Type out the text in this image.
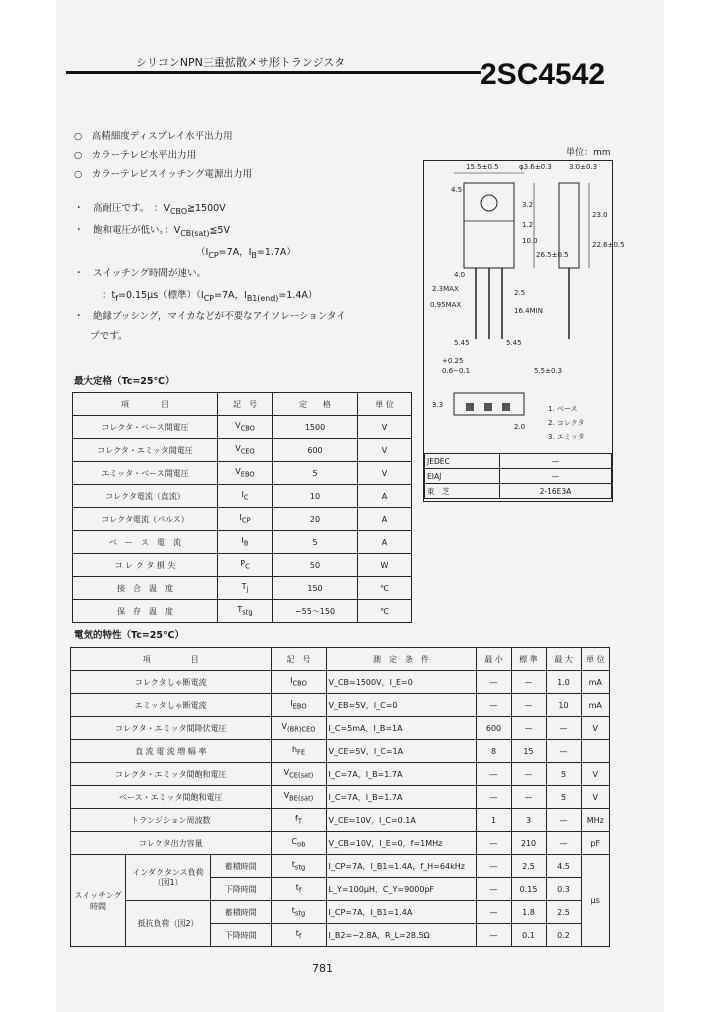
シリコンNPN三重拡散メサ形トランジスタ	2SC4542
○　高精細度ディスプレイ水平出力用
○　カラーテレビ水平出力用
○　カラーテレビスイッチング電源出力用
・　高耐圧です。　：$V_{CBO}≧1500V$
・　飽和電圧が低い。：$V_{CB(sat)}≦5V$
（$I_{CP}=7A$，$I_B=1.7A$）
・　スイッチング時間が速い。
：$t_f=0.15\mu s$（標準）（$I_{CP}=7A$，$I_{B1(end)}=1.4A$）
・　絶縁ブッシング，マイカなどが不要なアイソレーションタイ
プです。
単位：mm
15.5±0.5	φ3.6±0.3 3.0±0.3
4.5
3.2
1.2
10.0
26.5±0.5
23.0
22.6±0.5
4.0
2.3MAX
0.95MAX
2.5
16.4MIN
5.45	5.45
+0.25
0.6−0.1	5.5±0.3
3.3
2.0
1. ベース
2. コレクタ
3. エミッタ
JEDEC	—
EIAJ	—
東　芝	2-16E3A
最大定格（Tc=25℃）
項　　　　目	記　号	定　　格	単 位
コレクタ・ベース間電圧	$V_{CBO}$	1500	V
コレクタ・エミッタ間電圧	$V_{CEO}$	600	V
エミッタ・ベース間電圧	$V_{EBO}$	5	V
コレクタ電流（直流）	$I_C$	10	A
コレクタ電流（パルス）	$I_{CP}$	20	A
ベ　ー　ス　電　流	$I_B$	5	A
コ レ ク タ 損 失	$P_C$	50	W
接　合　温　度	$T_j$	150	℃
保　存　温　度	$T_{stg}$	−55〜150	℃
電気的特性（Tc=25℃）
項　　　　　目			記　号	測　定　条　件	最 小	標 準	最 大	単 位
コレクタしゃ断電流			$I_{CBO}$	V_CB=1500V，I_E=0	—	—	1.0	mA
エミッタしゃ断電流			$I_{EBO}$	V_EB=5V，I_C=0	—	—	10	mA
コレクタ・エミッタ間降伏電圧			$V_{(BR)CEO}$	I_C=5mA，I_B=1A	600	—	—	V
直 流 電 流 増 幅 率			$h_{FE}$	V_CE=5V，I_C=1A	8	15	—	
コレクタ・エミッタ間飽和電圧			$V_{CE(sat)}$	I_C=7A，I_B=1.7A	—	—	5	V
ベース・エミッタ間飽和電圧			$V_{BE(sat)}$	I_C=7A，I_B=1.7A	—	—	5	V
トランジション周波数			$f_T$	V_CE=10V，I_C=0.1A	1	3	—	MHz
コレクタ出力容量			$C_{ob}$	V_CB=10V，I_E=0，f=1MHz	—	210	—	pF
スイッチング時間	インダクタンス負荷（図1）	蓄積時間	$t_{stg}$	I_CP=7A，I_B1=1.4A，f_H=64kHz	—	2.5	4.5	μs
		下降時間	$t_f$	L_Y=100μH，C_Y=9000pF	—	0.15	0.3	
	抵抗負荷（図2）	蓄積時間	$t_{stg}$	I_CP=7A，I_B1=1.4A	—	1.8	2.5	
		下降時間	$t_f$	I_B2=−2.8A，R_L=28.5Ω	—	0.1	0.2	
781
